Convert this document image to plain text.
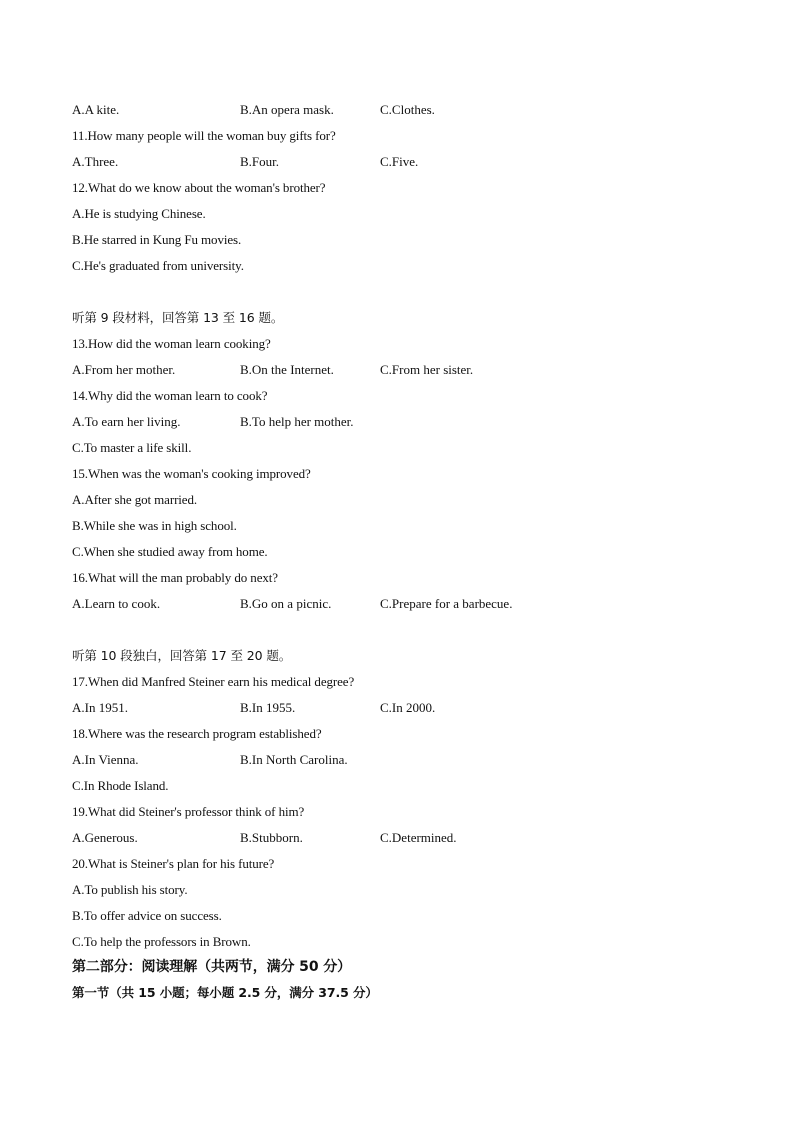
A.A kite.	B.An opera mask.	C.Clothes.
11.How many people will the woman buy gifts for?
A.Three.	B.Four.	C.Five.
12.What do we know about the woman's brother?
A.He is studying Chinese.
B.He starred in Kung Fu movies.
C.He's graduated from university.
听第 9 段材料，回答第 13 至 16 题。
13.How did the woman learn cooking?
A.From her mother.	B.On the Internet.	C.From her sister.
14.Why did the woman learn to cook?
A.To earn her living.	B.To help her mother.
C.To master a life skill.
15.When was the woman's cooking improved?
A.After she got married.
B.While she was in high school.
C.When she studied away from home.
16.What will the man probably do next?
A.Learn to cook.	B.Go on a picnic.	C.Prepare for a barbecue.
听第 10 段独白，回答第 17 至 20 题。
17.When did Manfred Steiner earn his medical degree?
A.In 1951.	B.In 1955.	C.In 2000.
18.Where was the research program established?
A.In Vienna.	B.In North Carolina.
C.In Rhode Island.
19.What did Steiner's professor think of him?
A.Generous.	B.Stubborn.	C.Determined.
20.What is Steiner's plan for his future?
A.To publish his story.
B.To offer advice on success.
C.To help the professors in Brown.
第二部分：阅读理解（共两节，满分 50 分）
第一节（共 15 小题；每小题 2.5 分，满分 37.5 分）
